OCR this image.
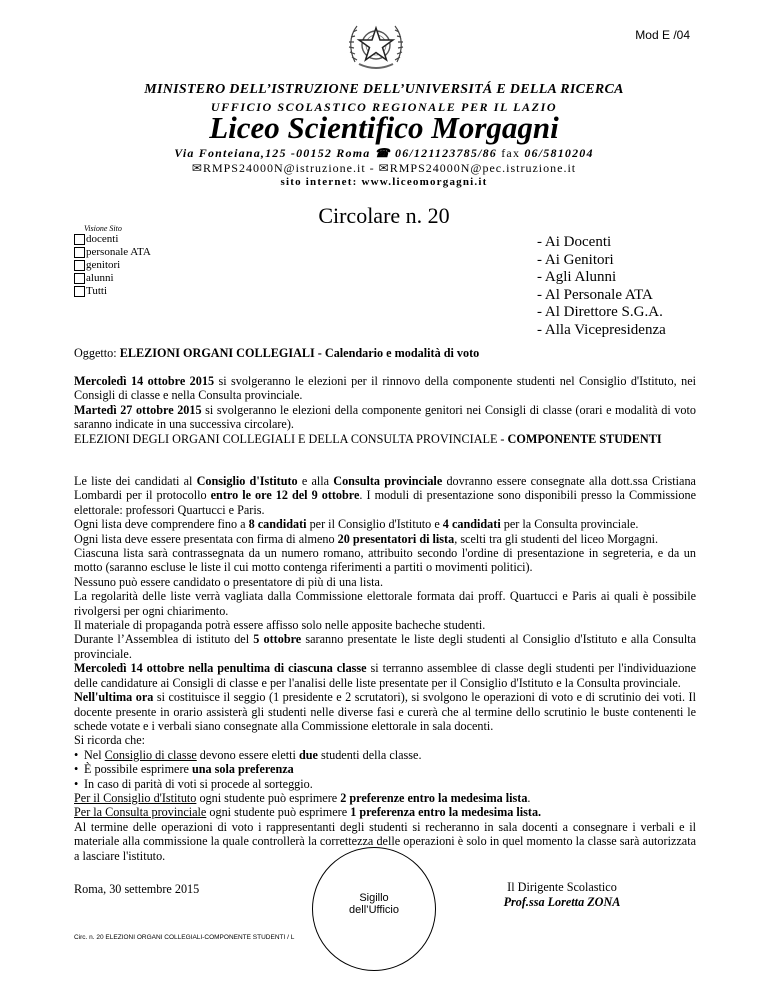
Mod E /04
MINISTERO DELL’ISTRUZIONE DELL’UNIVERSITÁ E DELLA RICERCA
UFFICIO SCOLASTICO REGIONALE PER IL LAZIO
Liceo Scientifico Morgagni
Via Fonteiana,125 -00152 Roma ☎ 06/121123785/86 fax 06/5810204
✉RMPS24000N@istruzione.it - ✉RMPS24000N@pec.istruzione.it
sito internet: www.liceomorgagni.it
Circolare n. 20
Visione Sito
docenti
personale ATA
genitori
alunni
Tutti
- Ai Docenti
- Ai Genitori
- Agli Alunni
- Al Personale ATA
- Al Direttore S.G.A.
- Alla Vicepresidenza
Oggetto: ELEZIONI ORGANI COLLEGIALI - Calendario e modalità di voto

Mercoledì 14 ottobre 2015 si svolgeranno le elezioni per il rinnovo della componente studenti nel Consiglio d'Istituto, nei Consigli di classe e nella Consulta provinciale.

Martedì 27 ottobre 2015 si svolgeranno le elezioni della componente genitori nei Consigli di classe (orari e modalità di voto saranno indicate in una successiva circolare).

ELEZIONI DEGLI ORGANI COLLEGIALI E DELLA CONSULTA PROVINCIALE - COMPONENTE STUDENTI

Le liste dei candidati al Consiglio d'Istituto e alla Consulta provinciale dovranno essere consegnate alla dott.ssa Cristiana Lombardi per il protocollo entro le ore 12 del 9 ottobre. I moduli di presentazione sono disponibili presso la Commissione elettorale: professori Quartucci e Paris.

Ogni lista deve comprendere fino a 8 candidati per il Consiglio d'Istituto e 4 candidati per la Consulta provinciale.

Ogni lista deve essere presentata con firma di almeno 20 presentatori di lista, scelti tra gli studenti del liceo Morgagni.

Ciascuna lista sarà contrassegnata da un numero romano, attribuito secondo l'ordine di presentazione in segreteria, e da un motto (saranno escluse le liste il cui motto contenga riferimenti a partiti o movimenti politici).

Nessuno può essere candidato o presentatore di più di una lista.

La regolarità delle liste verrà vagliata dalla Commissione elettorale formata dai proff. Quartucci e Paris ai quali è possibile rivolgersi per ogni chiarimento.

Il materiale di propaganda potrà essere affisso solo nelle apposite bacheche studenti.

Durante l’Assemblea di istituto del 5 ottobre saranno presentate le liste degli studenti al Consiglio d'Istituto e alla Consulta provinciale.

Mercoledì 14 ottobre nella penultima di ciascuna classe si terranno assemblee di classe degli studenti per l'individuazione delle candidature ai Consigli di classe e per l'analisi delle liste presentate per il Consiglio d'Istituto e la Consulta provinciale.

Nell'ultima ora si costituisce il seggio (1 presidente e 2 scrutatori), si svolgono le operazioni di voto e di scrutinio dei voti. Il docente presente in orario assisterà gli studenti nelle diverse fasi e curerà che al termine dello scrutinio le buste contenenti le schede votate e i verbali siano consegnate alla Commissione elettorale in sala docenti.

Si ricorda che:

• Nel Consiglio di classe devono essere eletti due studenti della classe.
• È possibile esprimere una sola preferenza
• In caso di parità di voti si procede al sorteggio.

Per il Consiglio d'Istituto ogni studente può esprimere 2 preferenze entro la medesima lista.

Per la Consulta provinciale ogni studente può esprimere 1 preferenza entro la medesima lista.

Al termine delle operazioni di voto i rappresentanti degli studenti si recheranno in sala docenti a consegnare i verbali e il materiale alla commissione la quale controllerà la correttezza delle operazioni è solo in quel momento la classe sarà autorizzata a lasciare l'istituto.

Roma, 30 settembre 2015
Sigillo
dell’Ufficio
Il Dirigente Scolastico
Prof.ssa Loretta ZONA
Circ. n. 20 ELEZIONI ORGANI COLLEGIALI-COMPONENTE STUDENTI / L
